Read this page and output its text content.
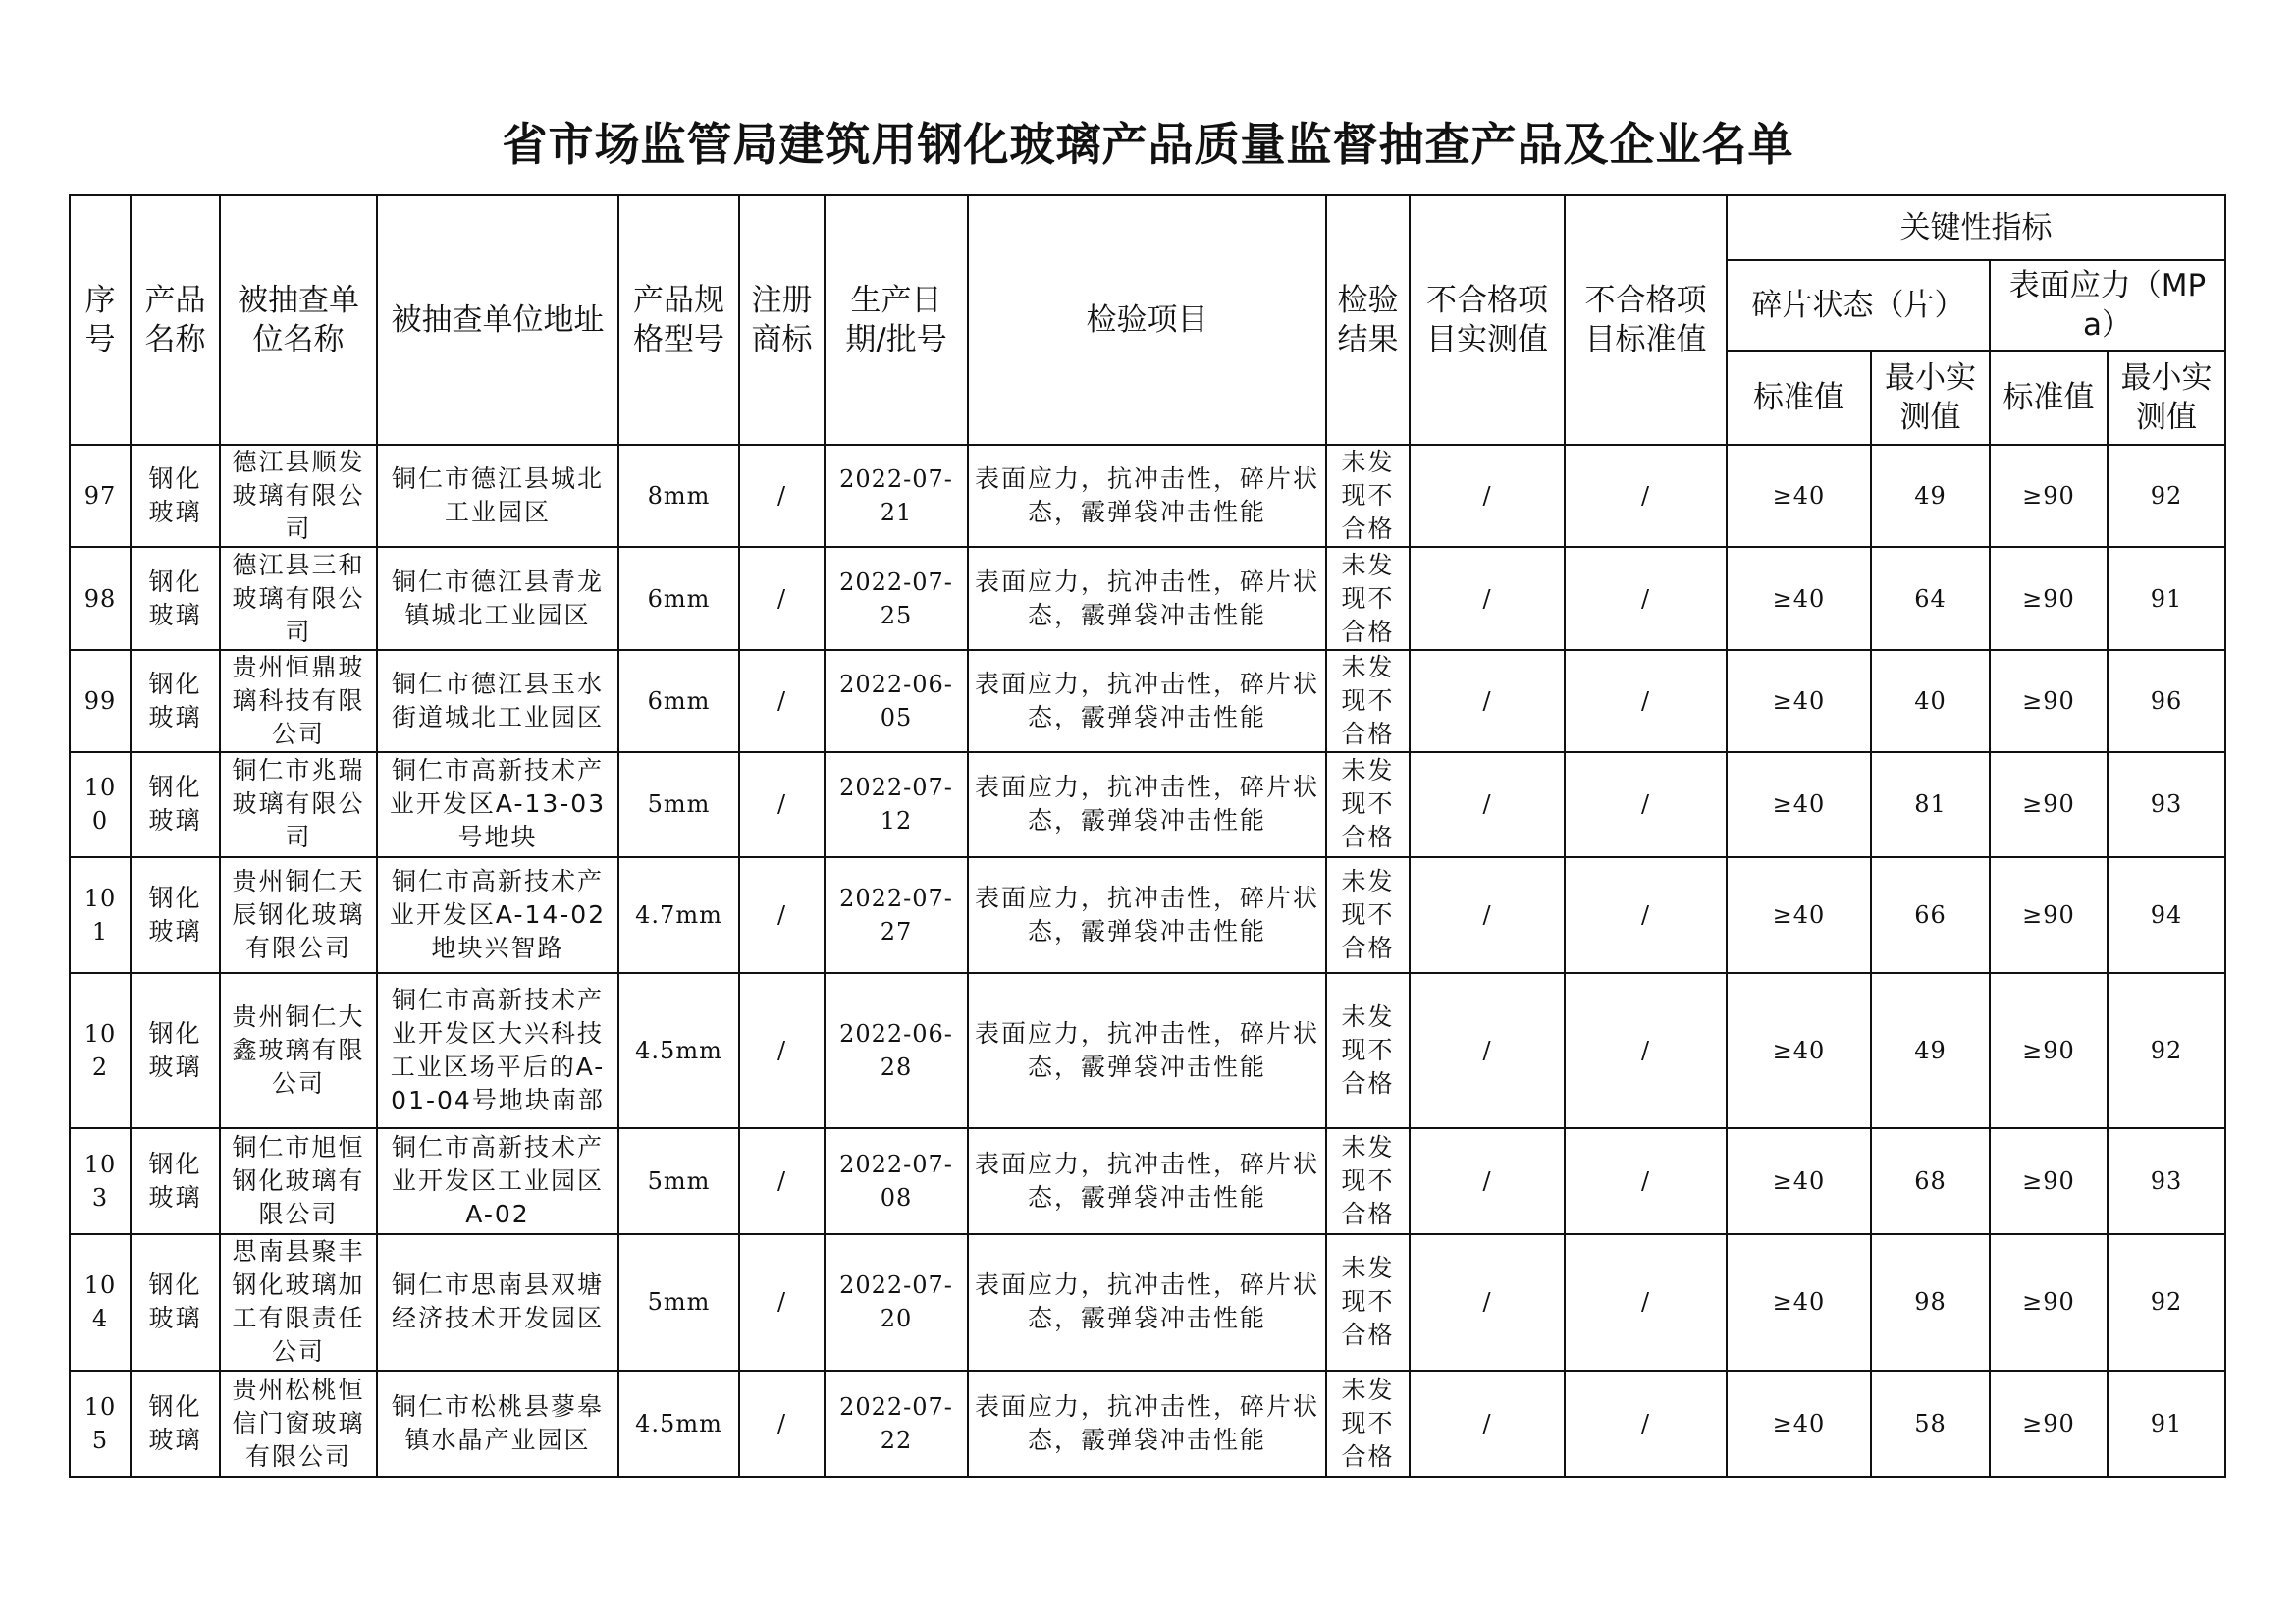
省市场监管局建筑用钢化玻璃产品质量监督抽查产品及企业名单
序号	产品名称	被抽查单位名称	被抽查单位地址	产品规格型号	注册商标	生产日期/批号	检验项目	检验结果	不合格项目实测值	不合格项目标准值	关键性指标			

											碎片状态（片）		表面应力（MPa）	

											标准值	最小实测值	标准值	最小实测值

97	钢化玻璃	德江县顺发玻璃有限公司	铜仁市德江县城北工业园区	8mm	/	2022-07-21	表面应力，抗冲击性，碎片状态，霰弹袋冲击性能	未发现不合格	/	/	≥40	49	≥90	92

98	钢化玻璃	德江县三和玻璃有限公司	铜仁市德江县青龙镇城北工业园区	6mm	/	2022-07-25	表面应力，抗冲击性，碎片状态，霰弹袋冲击性能	未发现不合格	/	/	≥40	64	≥90	91

99	钢化玻璃	贵州恒鼎玻璃科技有限公司	铜仁市德江县玉水街道城北工业园区	6mm	/	2022-06-05	表面应力，抗冲击性，碎片状态，霰弹袋冲击性能	未发现不合格	/	/	≥40	40	≥90	96

100	钢化玻璃	铜仁市兆瑞玻璃有限公司	铜仁市高新技术产业开发区A-13-03号地块	5mm	/	2022-07-12	表面应力，抗冲击性，碎片状态，霰弹袋冲击性能	未发现不合格	/	/	≥40	81	≥90	93

101	钢化玻璃	贵州铜仁天辰钢化玻璃有限公司	铜仁市高新技术产业开发区A-14-02地块兴智路	4.7mm	/	2022-07-27	表面应力，抗冲击性，碎片状态，霰弹袋冲击性能	未发现不合格	/	/	≥40	66	≥90	94

102	钢化玻璃	贵州铜仁大鑫玻璃有限公司	铜仁市高新技术产业开发区大兴科技工业区场平后的A-01-04号地块南部	4.5mm	/	2022-06-28	表面应力，抗冲击性，碎片状态，霰弹袋冲击性能	未发现不合格	/	/	≥40	49	≥90	92

103	钢化玻璃	铜仁市旭恒钢化玻璃有限公司	铜仁市高新技术产业开发区工业园区A-02	5mm	/	2022-07-08	表面应力，抗冲击性，碎片状态，霰弹袋冲击性能	未发现不合格	/	/	≥40	68	≥90	93

104	钢化玻璃	思南县聚丰钢化玻璃加工有限责任公司	铜仁市思南县双塘经济技术开发园区	5mm	/	2022-07-20	表面应力，抗冲击性，碎片状态，霰弹袋冲击性能	未发现不合格	/	/	≥40	98	≥90	92

105	钢化玻璃	贵州松桃恒信门窗玻璃有限公司	铜仁市松桃县蓼皋镇水晶产业园区	4.5mm	/	2022-07-22	表面应力，抗冲击性，碎片状态，霰弹袋冲击性能	未发现不合格	/	/	≥40	58	≥90	91
